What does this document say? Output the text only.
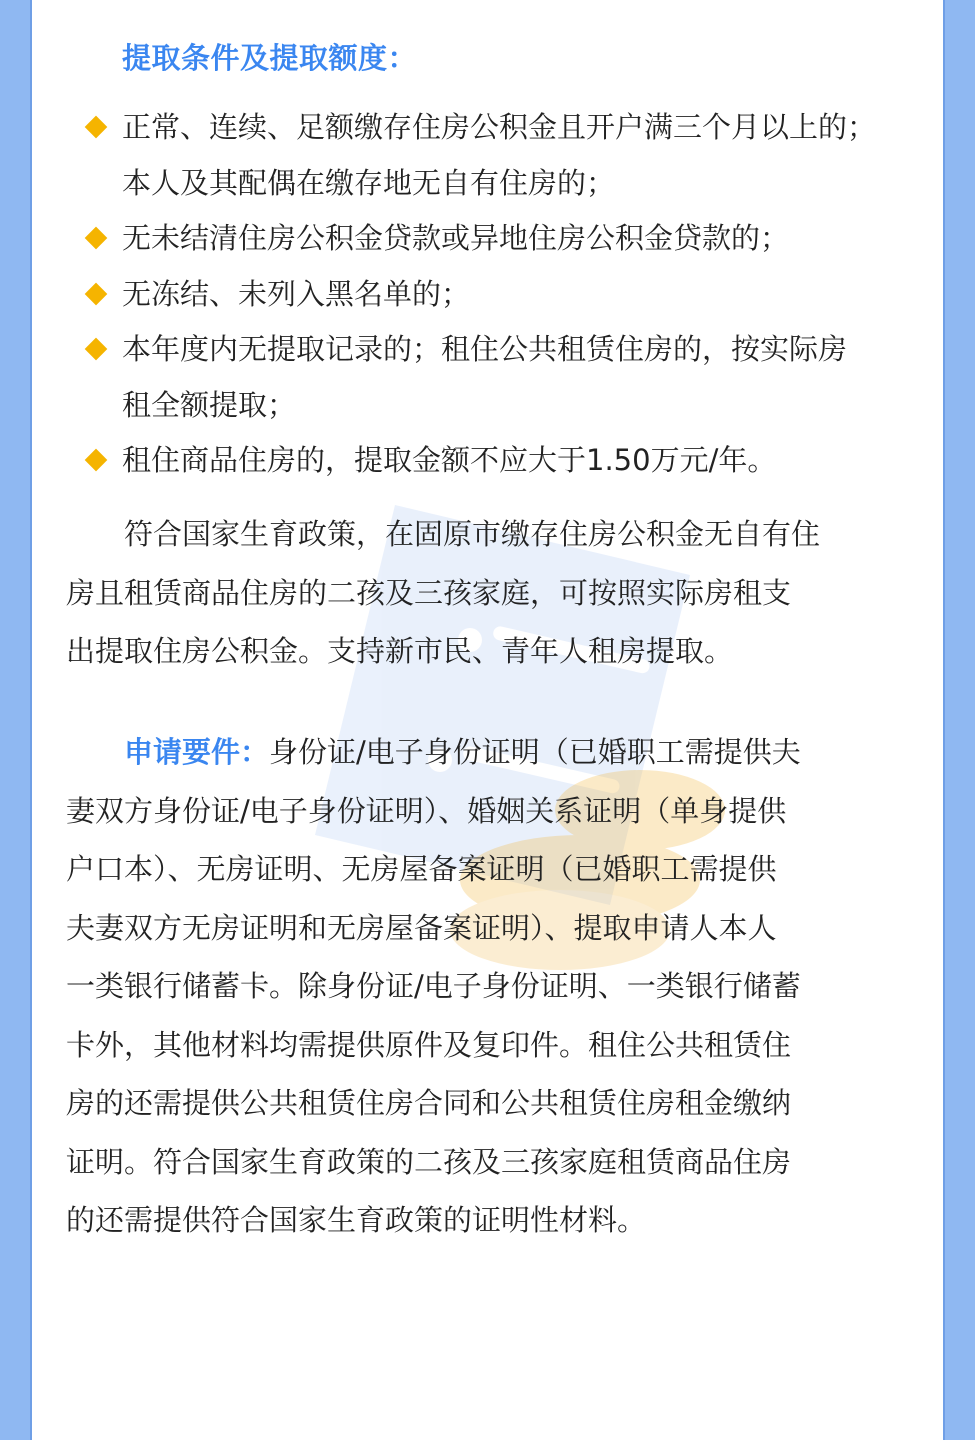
提取条件及提取额度：
正常、连续、足额缴存住房公积金且开户满三个月以上的；
本人及其配偶在缴存地无自有住房的；
无未结清住房公积金贷款或异地住房公积金贷款的；
无冻结、未列入黑名单的；
本年度内无提取记录的；租住公共租赁住房的，按实际房
租全额提取；
租住商品住房的，提取金额不应大于1.50万元/年。
符合国家生育政策，在固原市缴存住房公积金无自有住
房且租赁商品住房的二孩及三孩家庭，可按照实际房租支
出提取住房公积金。支持新市民、青年人租房提取。
申请要件：身份证/电子身份证明（已婚职工需提供夫
妻双方身份证/电子身份证明）、婚姻关系证明（单身提供
户口本）、无房证明、无房屋备案证明（已婚职工需提供
夫妻双方无房证明和无房屋备案证明）、提取申请人本人
一类银行储蓄卡。除身份证/电子身份证明、一类银行储蓄
卡外，其他材料均需提供原件及复印件。租住公共租赁住
房的还需提供公共租赁住房合同和公共租赁住房租金缴纳
证明。符合国家生育政策的二孩及三孩家庭租赁商品住房
的还需提供符合国家生育政策的证明性材料。
